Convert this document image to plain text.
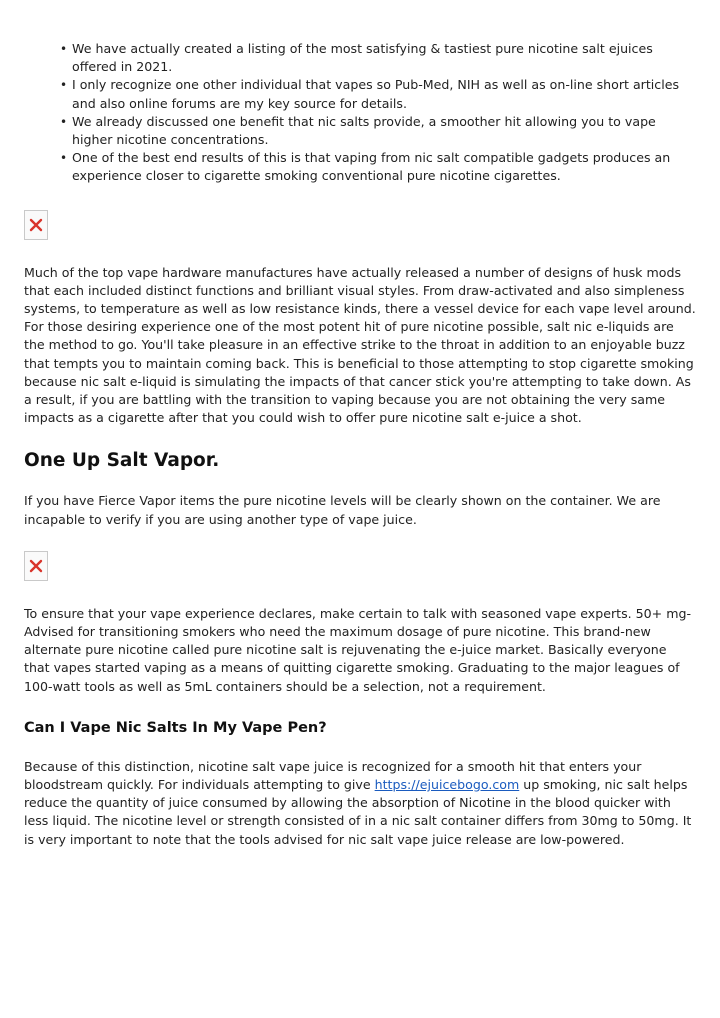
• We have actually created a listing of the most satisfying & tastiest pure nicotine salt ejuices offered in 2021.
• I only recognize one other individual that vapes so Pub-Med, NIH as well as on-line short articles and also online forums are my key source for details.
• We already discussed one benefit that nic salts provide, a smoother hit allowing you to vape higher nicotine concentrations.
• One of the best end results of this is that vaping from nic salt compatible gadgets produces an experience closer to cigarette smoking conventional pure nicotine cigarettes.

Much of the top vape hardware manufactures have actually released a number of designs of husk mods that each included distinct functions and brilliant visual styles. From draw-activated and also simpleness systems, to temperature as well as low resistance kinds, there a vessel device for each vape level around. For those desiring experience one of the most potent hit of pure nicotine possible, salt nic e-liquids are the method to go. You'll take pleasure in an effective strike to the throat in addition to an enjoyable buzz that tempts you to maintain coming back. This is beneficial to those attempting to stop cigarette smoking because nic salt e-liquid is simulating the impacts of that cancer stick you're attempting to take down. As a result, if you are battling with the transition to vaping because you are not obtaining the very same impacts as a cigarette after that you could wish to offer pure nicotine salt e-juice a shot.

One Up Salt Vapor.

If you have Fierce Vapor items the pure nicotine levels will be clearly shown on the container. We are incapable to verify if you are using another type of vape juice.

To ensure that your vape experience declares, make certain to talk with seasoned vape experts. 50+ mg- Advised for transitioning smokers who need the maximum dosage of pure nicotine. This brand-new alternate pure nicotine called pure nicotine salt is rejuvenating the e-juice market. Basically everyone that vapes started vaping as a means of quitting cigarette smoking. Graduating to the major leagues of 100-watt tools as well as 5mL containers should be a selection, not a requirement.

Can I Vape Nic Salts In My Vape Pen?

Because of this distinction, nicotine salt vape juice is recognized for a smooth hit that enters your bloodstream quickly. For individuals attempting to give https://ejuicebogo.com up smoking, nic salt helps reduce the quantity of juice consumed by allowing the absorption of Nicotine in the blood quicker with less liquid. The nicotine level or strength consisted of in a nic salt container differs from 30mg to 50mg. It is very important to note that the tools advised for nic salt vape juice release are low-powered.
